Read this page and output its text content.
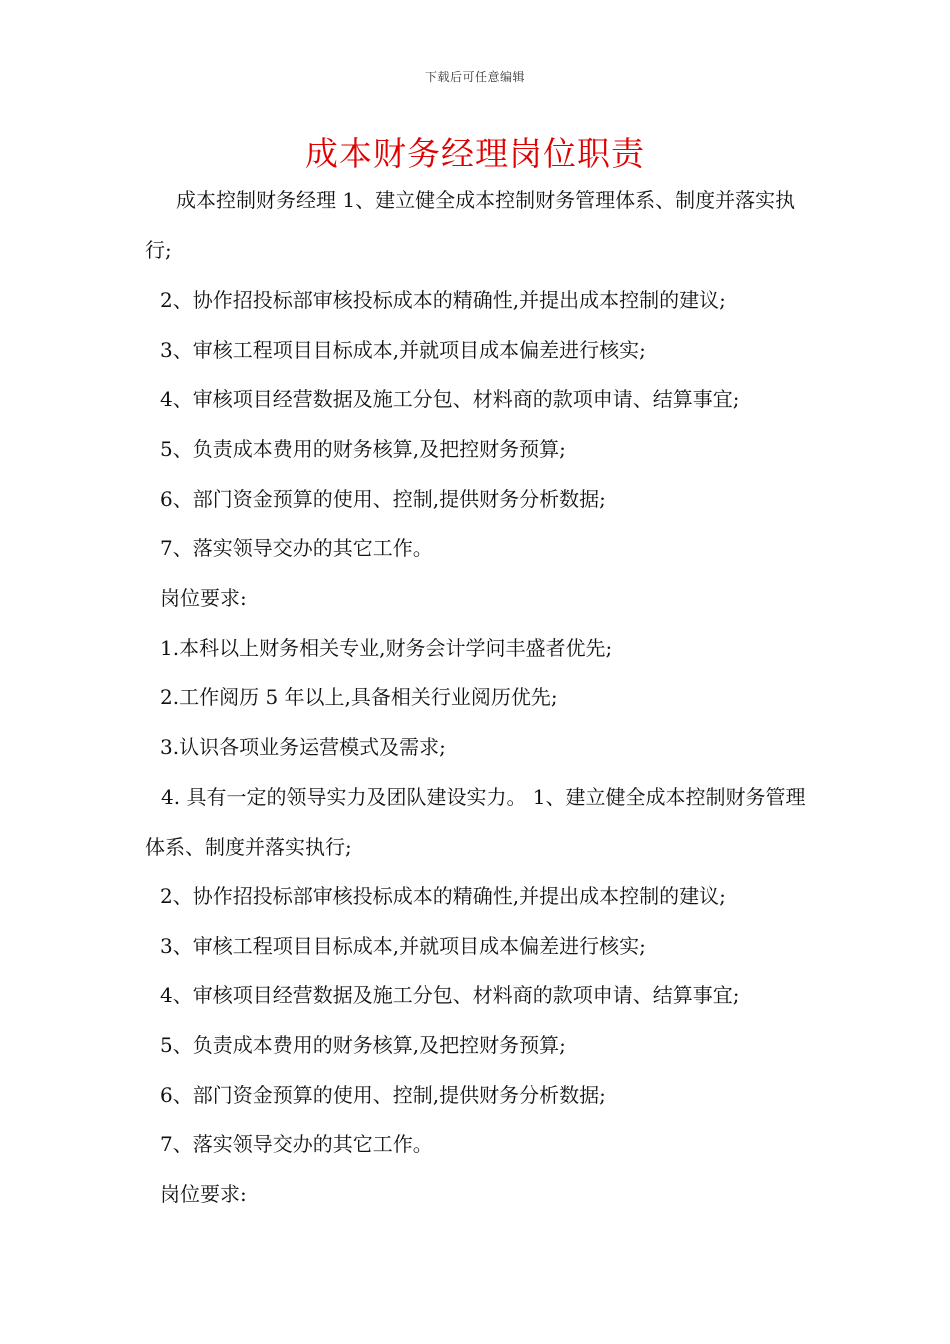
下载后可任意编辑
成本财务经理岗位职责

成本控制财务经理 1、建立健全成本控制财务管理体系、制度并落实执行;

2、协作招投标部审核投标成本的精确性,并提出成本控制的建议;

3、审核工程项目目标成本,并就项目成本偏差进行核实;

4、审核项目经营数据及施工分包、材料商的款项申请、结算事宜;

5、负责成本费用的财务核算,及把控财务预算;

6、部门资金预算的使用、控制,提供财务分析数据;

7、落实领导交办的其它工作。

岗位要求:

1.本科以上财务相关专业,财务会计学问丰盛者优先;

2.工作阅历 5 年以上,具备相关行业阅历优先;

3.认识各项业务运营模式及需求;

4. 具有一定的领导实力及团队建设实力。 1、建立健全成本控制财务管理体系、制度并落实执行;

2、协作招投标部审核投标成本的精确性,并提出成本控制的建议;

3、审核工程项目目标成本,并就项目成本偏差进行核实;

4、审核项目经营数据及施工分包、材料商的款项申请、结算事宜;

5、负责成本费用的财务核算,及把控财务预算;

6、部门资金预算的使用、控制,提供财务分析数据;

7、落实领导交办的其它工作。

岗位要求:
